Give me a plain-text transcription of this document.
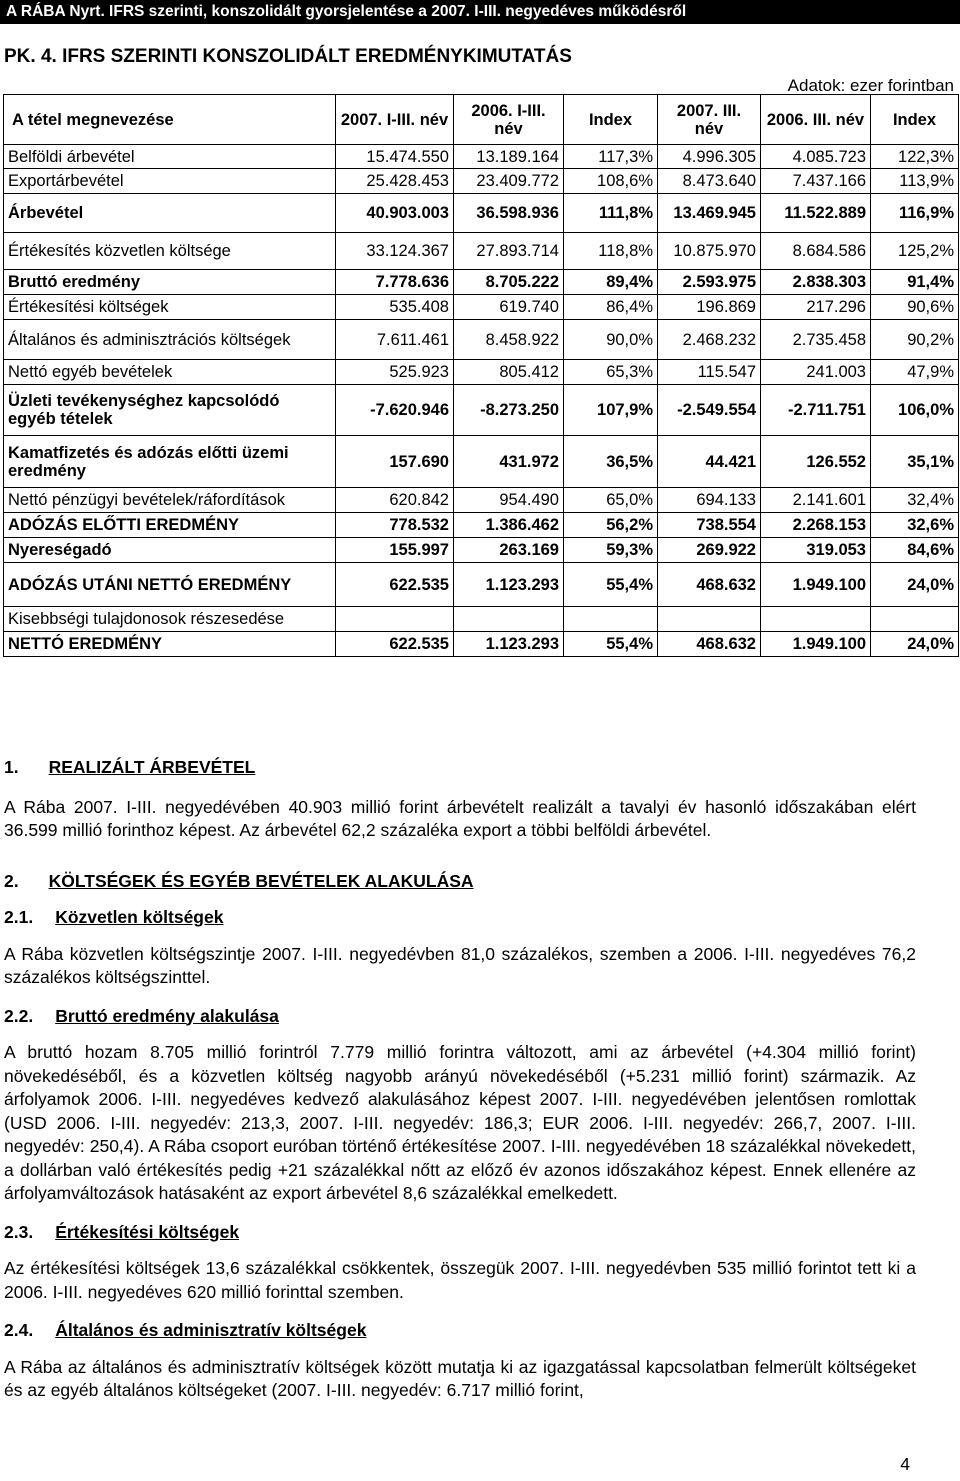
A RÁBA Nyrt. IFRS szerinti, konszolidált gyorsjelentése a 2007. I-III. negyedéves működésről
PK. 4. IFRS SZERINTI KONSZOLIDÁLT EREDMÉNYKIMUTATÁS
Adatok: ezer forintban
A tétel megnevezése	2007. I-III. név	2006. I-III. név	Index	2007. III. név	2006. III. név	Index
Belföldi árbevétel	15.474.550	13.189.164	117,3%	4.996.305	4.085.723	122,3%
Exportárbevétel	25.428.453	23.409.772	108,6%	8.473.640	7.437.166	113,9%
Árbevétel	40.903.003	36.598.936	111,8%	13.469.945	11.522.889	116,9%
Értékesítés közvetlen költsége	33.124.367	27.893.714	118,8%	10.875.970	8.684.586	125,2%
Bruttó eredmény	7.778.636	8.705.222	89,4%	2.593.975	2.838.303	91,4%
Értékesítési költségek	535.408	619.740	86,4%	196.869	217.296	90,6%
Általános és adminisztrációs költségek	7.611.461	8.458.922	90,0%	2.468.232	2.735.458	90,2%
Nettó egyéb bevételek	525.923	805.412	65,3%	115.547	241.003	47,9%
Üzleti tevékenységhez kapcsolódó egyéb tételek	-7.620.946	-8.273.250	107,9%	-2.549.554	-2.711.751	106,0%
Kamatfizetés és adózás előtti üzemi eredmény	157.690	431.972	36,5%	44.421	126.552	35,1%
Nettó pénzügyi bevételek/ráfordítások	620.842	954.490	65,0%	694.133	2.141.601	32,4%
ADÓZÁS ELŐTTI EREDMÉNY	778.532	1.386.462	56,2%	738.554	2.268.153	32,6%
Nyereségadó	155.997	263.169	59,3%	269.922	319.053	84,6%
ADÓZÁS UTÁNI NETTÓ EREDMÉNY	622.535	1.123.293	55,4%	468.632	1.949.100	24,0%
Kisebbségi tulajdonosok részesedése						
NETTÓ EREDMÉNY	622.535	1.123.293	55,4%	468.632	1.949.100	24,0%
1. REALIZÁLT ÁRBEVÉTEL

A Rába 2007. I-III. negyedévében 40.903 millió forint árbevételt realizált a tavalyi év hasonló időszakában elért 36.599 millió forinthoz képest. Az árbevétel 62,2 százaléka export a többi belföldi árbevétel.

2. KÖLTSÉGEK ÉS EGYÉB BEVÉTELEK ALAKULÁSA
2.1. Közvetlen költségek

A Rába közvetlen költségszintje 2007. I-III. negyedévben 81,0 százalékos, szemben a 2006. I-III. negyedéves 76,2 százalékos költségszinttel.

2.2. Bruttó eredmény alakulása

A bruttó hozam 8.705 millió forintról 7.779 millió forintra változott, ami az árbevétel (+4.304 millió forint) növekedéséből, és a közvetlen költség nagyobb arányú növekedéséből (+5.231 millió forint) származik. Az árfolyamok 2006. I-III. negyedéves kedvező alakulásához képest 2007. I-III. negyedévében jelentősen romlottak (USD 2006. I-III. negyedév: 213,3, 2007. I-III. negyedév: 186,3; EUR 2006. I-III. negyedév: 266,7, 2007. I-III. negyedév: 250,4). A Rába csoport euróban történő értékesítése 2007. I-III. negyedévében 18 százalékkal növekedett, a dollárban való értékesítés pedig +21 százalékkal nőtt az előző év azonos időszakához képest. Ennek ellenére az árfolyamváltozások hatásaként az export árbevétel 8,6 százalékkal emelkedett.

2.3. Értékesítési költségek

Az értékesítési költségek 13,6 százalékkal csökkentek, összegük 2007. I-III. negyedévben 535 millió forintot tett ki a 2006. I-III. negyedéves 620 millió forinttal szemben.

2.4. Általános és adminisztratív költségek

A Rába az általános és adminisztratív költségek között mutatja ki az igazgatással kapcsolatban felmerült költségeket és az egyéb általános költségeket (2007. I-III. negyedév: 6.717 millió forint,

4
